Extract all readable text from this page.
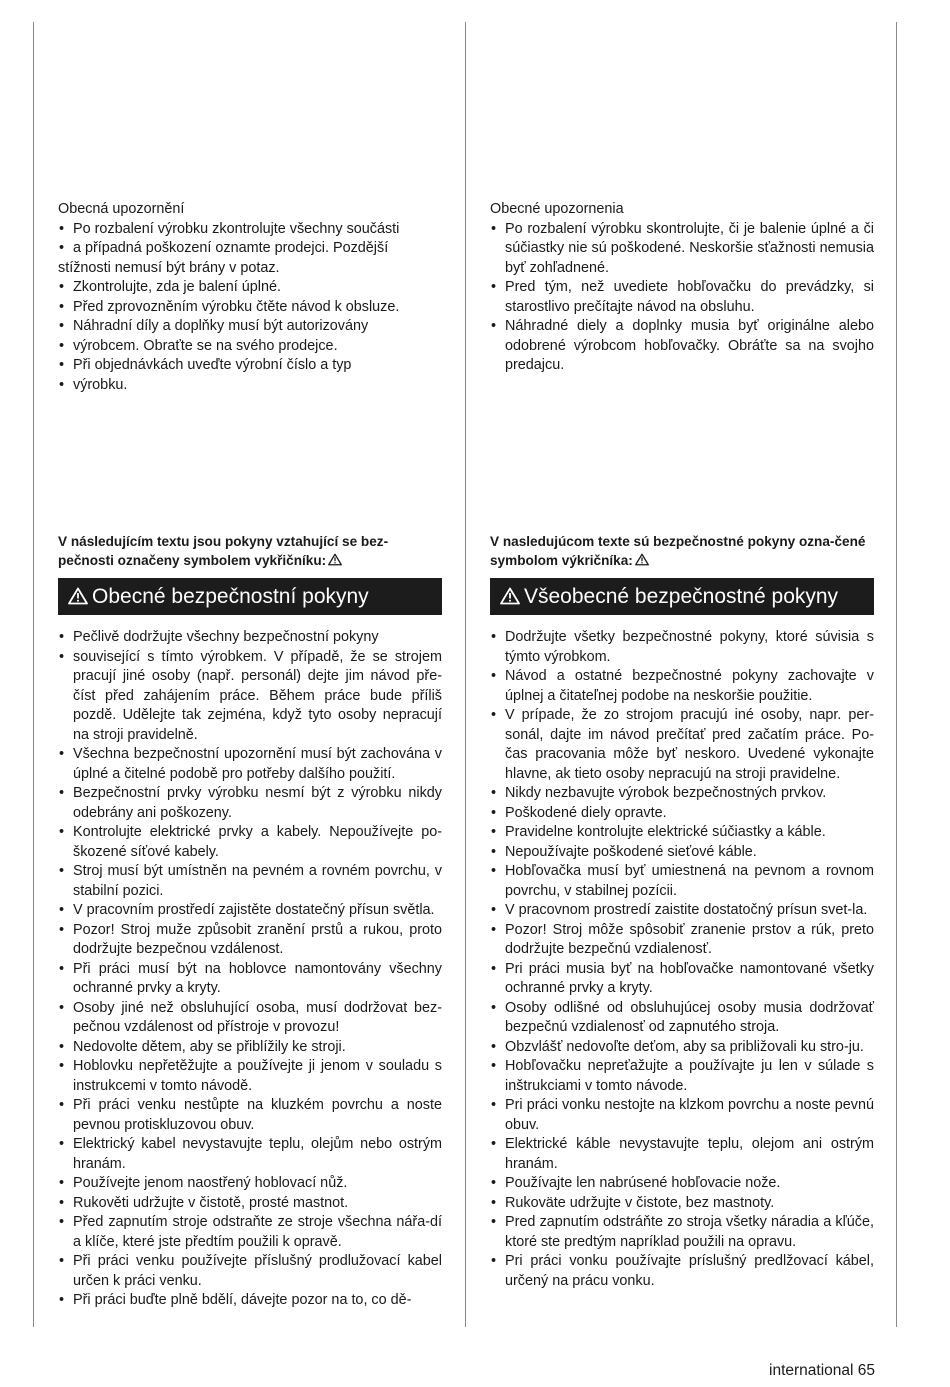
Obecná upozornění

• Po rozbalení výrobku zkontrolujte všechny součásti
• a případná poškození oznamte prodejci. Pozdější

stížnosti nemusí být brány v potaz.

• Zkontrolujte, zda je balení úplné.
• Před zprovozněním výrobku čtěte návod k obsluze.
• Náhradní díly a doplňky musí být autorizovány
• výrobcem. Obraťte se na svého prodejce.
• Při objednávkách uveďte výrobní číslo a typ
• výrobku.

Obecné upozornenia

• Po rozbalení výrobku skontrolujte, či je balenie úplné a či súčiastky nie sú poškodené. Neskoršie sťažnosti nemusia byť zohľadnené.
• Pred tým, než uvediete hobľovačku do prevádzky, si starostlivo prečítajte návod na obsluhu.
• Náhradné diely a doplnky musia byť originálne alebo odobrené výrobcom hobľovačky. Obráťte sa na svojho predajcu.

V následujícím textu jsou pokyny vztahující se bez-pečnosti označeny symbolem vykřičníku:

Obecné bezpečnostní pokyny
• Pečlivě dodržujte všechny bezpečnostní pokyny
• související s tímto výrobkem. V případě, že se strojem pracují jiné osoby (např. personál) dejte jim návod pře-číst před zahájením práce. Během práce bude příliš pozdě. Udělejte tak zejména, když tyto osoby nepracují na stroji pravidelně.
• Všechna bezpečnostní upozornění musí být zachována v úplné a čitelné podobě pro potřeby dalšího použití.
• Bezpečnostní prvky výrobku nesmí být z výrobku nikdy odebrány ani poškozeny.
• Kontrolujte elektrické prvky a kabely. Nepoužívejte po-škozené síťové kabely.
• Stroj musí být umístněn na pevném a rovném povrchu, v stabilní pozici.
• V pracovním prostředí zajistěte dostatečný přísun světla.
• Pozor! Stroj muže způsobit zranění prstů a rukou, proto dodržujte bezpečnou vzdálenost.
• Při práci musí být na hoblovce namontovány všechny ochranné prvky a kryty.
• Osoby jiné než obsluhující osoba, musí dodržovat bez-pečnou vzdálenost od přístroje v provozu!
• Nedovolte dětem, aby se přiblížily ke stroji.
• Hoblovku nepřetěžujte a používejte ji jenom v souladu s instrukcemi v tomto návodě.
• Při práci venku nestůpte na kluzkém povrchu a noste pevnou protiskluzovou obuv.
• Elektrický kabel nevystavujte teplu, olejům nebo ostrým hranám.
• Používejte jenom naostřený hoblovací nůž.
• Rukověti udržujte v čistotě, prosté mastnot.
• Před zapnutím stroje odstraňte ze stroje všechna nářa-dí a klíče, které jste předtím použili k opravě.
• Při práci venku používejte příslušný prodlužovací kabel určen k práci venku.
• Při práci buďte plně bdělí, dávejte pozor na to, co dě-

V nasledujúcom texte sú bezpečnostné pokyny ozna-čené symbolom výkričníka:

Všeobecné bezpečnostné pokyny
• Dodržujte všetky bezpečnostné pokyny, ktoré súvisia s týmto výrobkom.
• Návod a ostatné bezpečnostné pokyny zachovajte v úplnej a čitateľnej podobe na neskoršie použitie.
• V prípade, že zo strojom pracujú iné osoby, napr. per-sonál, dajte im návod prečítať pred začatím práce. Po-čas pracovania môže byť neskoro. Uvedené vykonajte hlavne, ak tieto osoby nepracujú na stroji pravidelne.
• Nikdy nezbavujte výrobok bezpečnostných prvkov.
• Poškodené diely opravte.
• Pravidelne kontrolujte elektrické súčiastky a káble.
• Nepoužívajte poškodené sieťové káble.
• Hobľovačka musí byť umiestnená na pevnom a rovnom povrchu, v stabilnej pozícii.
• V pracovnom prostredí zaistite dostatočný prísun svet-la.
• Pozor! Stroj môže spôsobiť zranenie prstov a rúk, preto dodržujte bezpečnú vzdialenosť.
• Pri práci musia byť na hobľovačke namontované všetky ochranné prvky a kryty.
• Osoby odlišné od obsluhujúcej osoby musia dodržovať bezpečnú vzdialenosť od zapnutého stroja.
• Obzvlášť nedovoľte deťom, aby sa približovali ku stro-ju.
• Hobľovačku nepreťažujte a používajte ju len v súlade s inštrukciami v tomto návode.
• Pri práci vonku nestojte na klzkom povrchu a noste pevnú obuv.
• Elektrické káble nevystavujte teplu, olejom ani ostrým hranám.
• Používajte len nabrúsené hobľovacie nože.
• Rukoväte udržujte v čistote, bez mastnoty.
• Pred zapnutím odstráňte zo stroja všetky náradia a kľúče, ktoré ste predtým napríklad použili na opravu.
• Pri práci vonku používajte príslušný predlžovací kábel, určený na prácu vonku.
international 65
